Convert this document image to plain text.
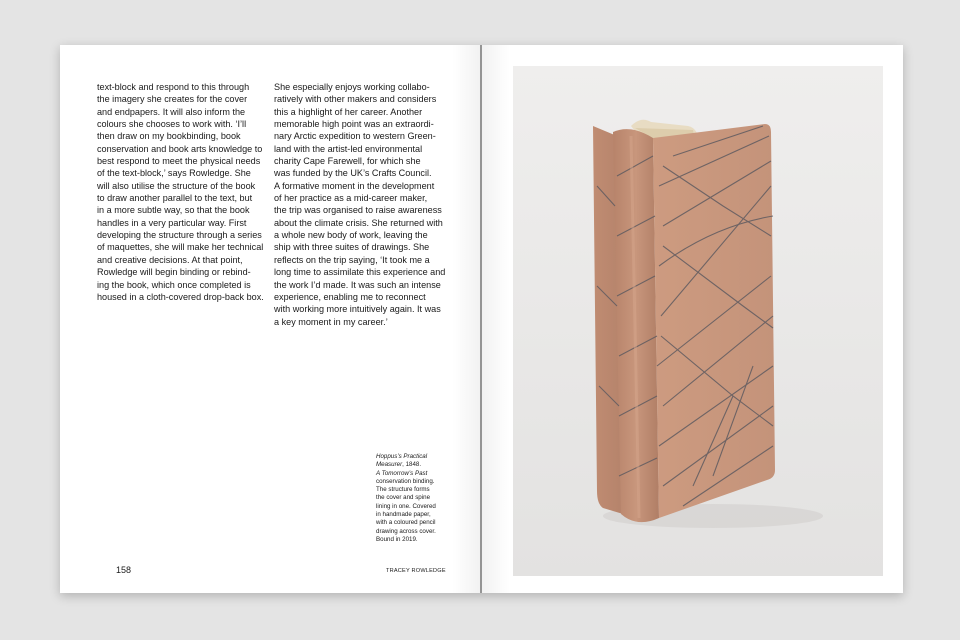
text-block and respond to this through
the imagery she creates for the cover
and endpapers. It will also inform the
colours she chooses to work with. ‘I’ll
then draw on my bookbinding, book
conservation and book arts knowledge to
best respond to meet the physical needs
of the text-block,’ says Rowledge. She
will also utilise the structure of the book
to draw another parallel to the text, but
in a more subtle way, so that the book
handles in a very particular way. First
developing the structure through a series
of maquettes, she will make her technical
and creative decisions. At that point,
Rowledge will begin binding or rebind-
ing the book, which once completed is
housed in a cloth-covered drop-back box.
She especially enjoys working collabo-
ratively with other makers and considers
this a highlight of her career. Another
memorable high point was an extraordi-
nary Arctic expedition to western Green-
land with the artist-led environmental
charity Cape Farewell, for which she
was funded by the UK’s Crafts Council.
A formative moment in the development
of her practice as a mid-career maker,
the trip was organised to raise awareness
about the climate crisis. She returned with
a whole new body of work, leaving the
ship with three suites of drawings. She
reflects on the trip saying, ‘It took me a
long time to assimilate this experience and
the work I’d made. It was such an intense
experience, enabling me to reconnect
with working more intuitively again. It was
a key moment in my career.’
Hoppus’s Practical
Measurer, 1848.
A Tomorrow’s Past
conservation binding.
The structure forms
the cover and spine
lining in one. Covered
in handmade paper,
with a coloured pencil
drawing across cover.
Bound in 2019.
158	TRACEY ROWLEDGE
